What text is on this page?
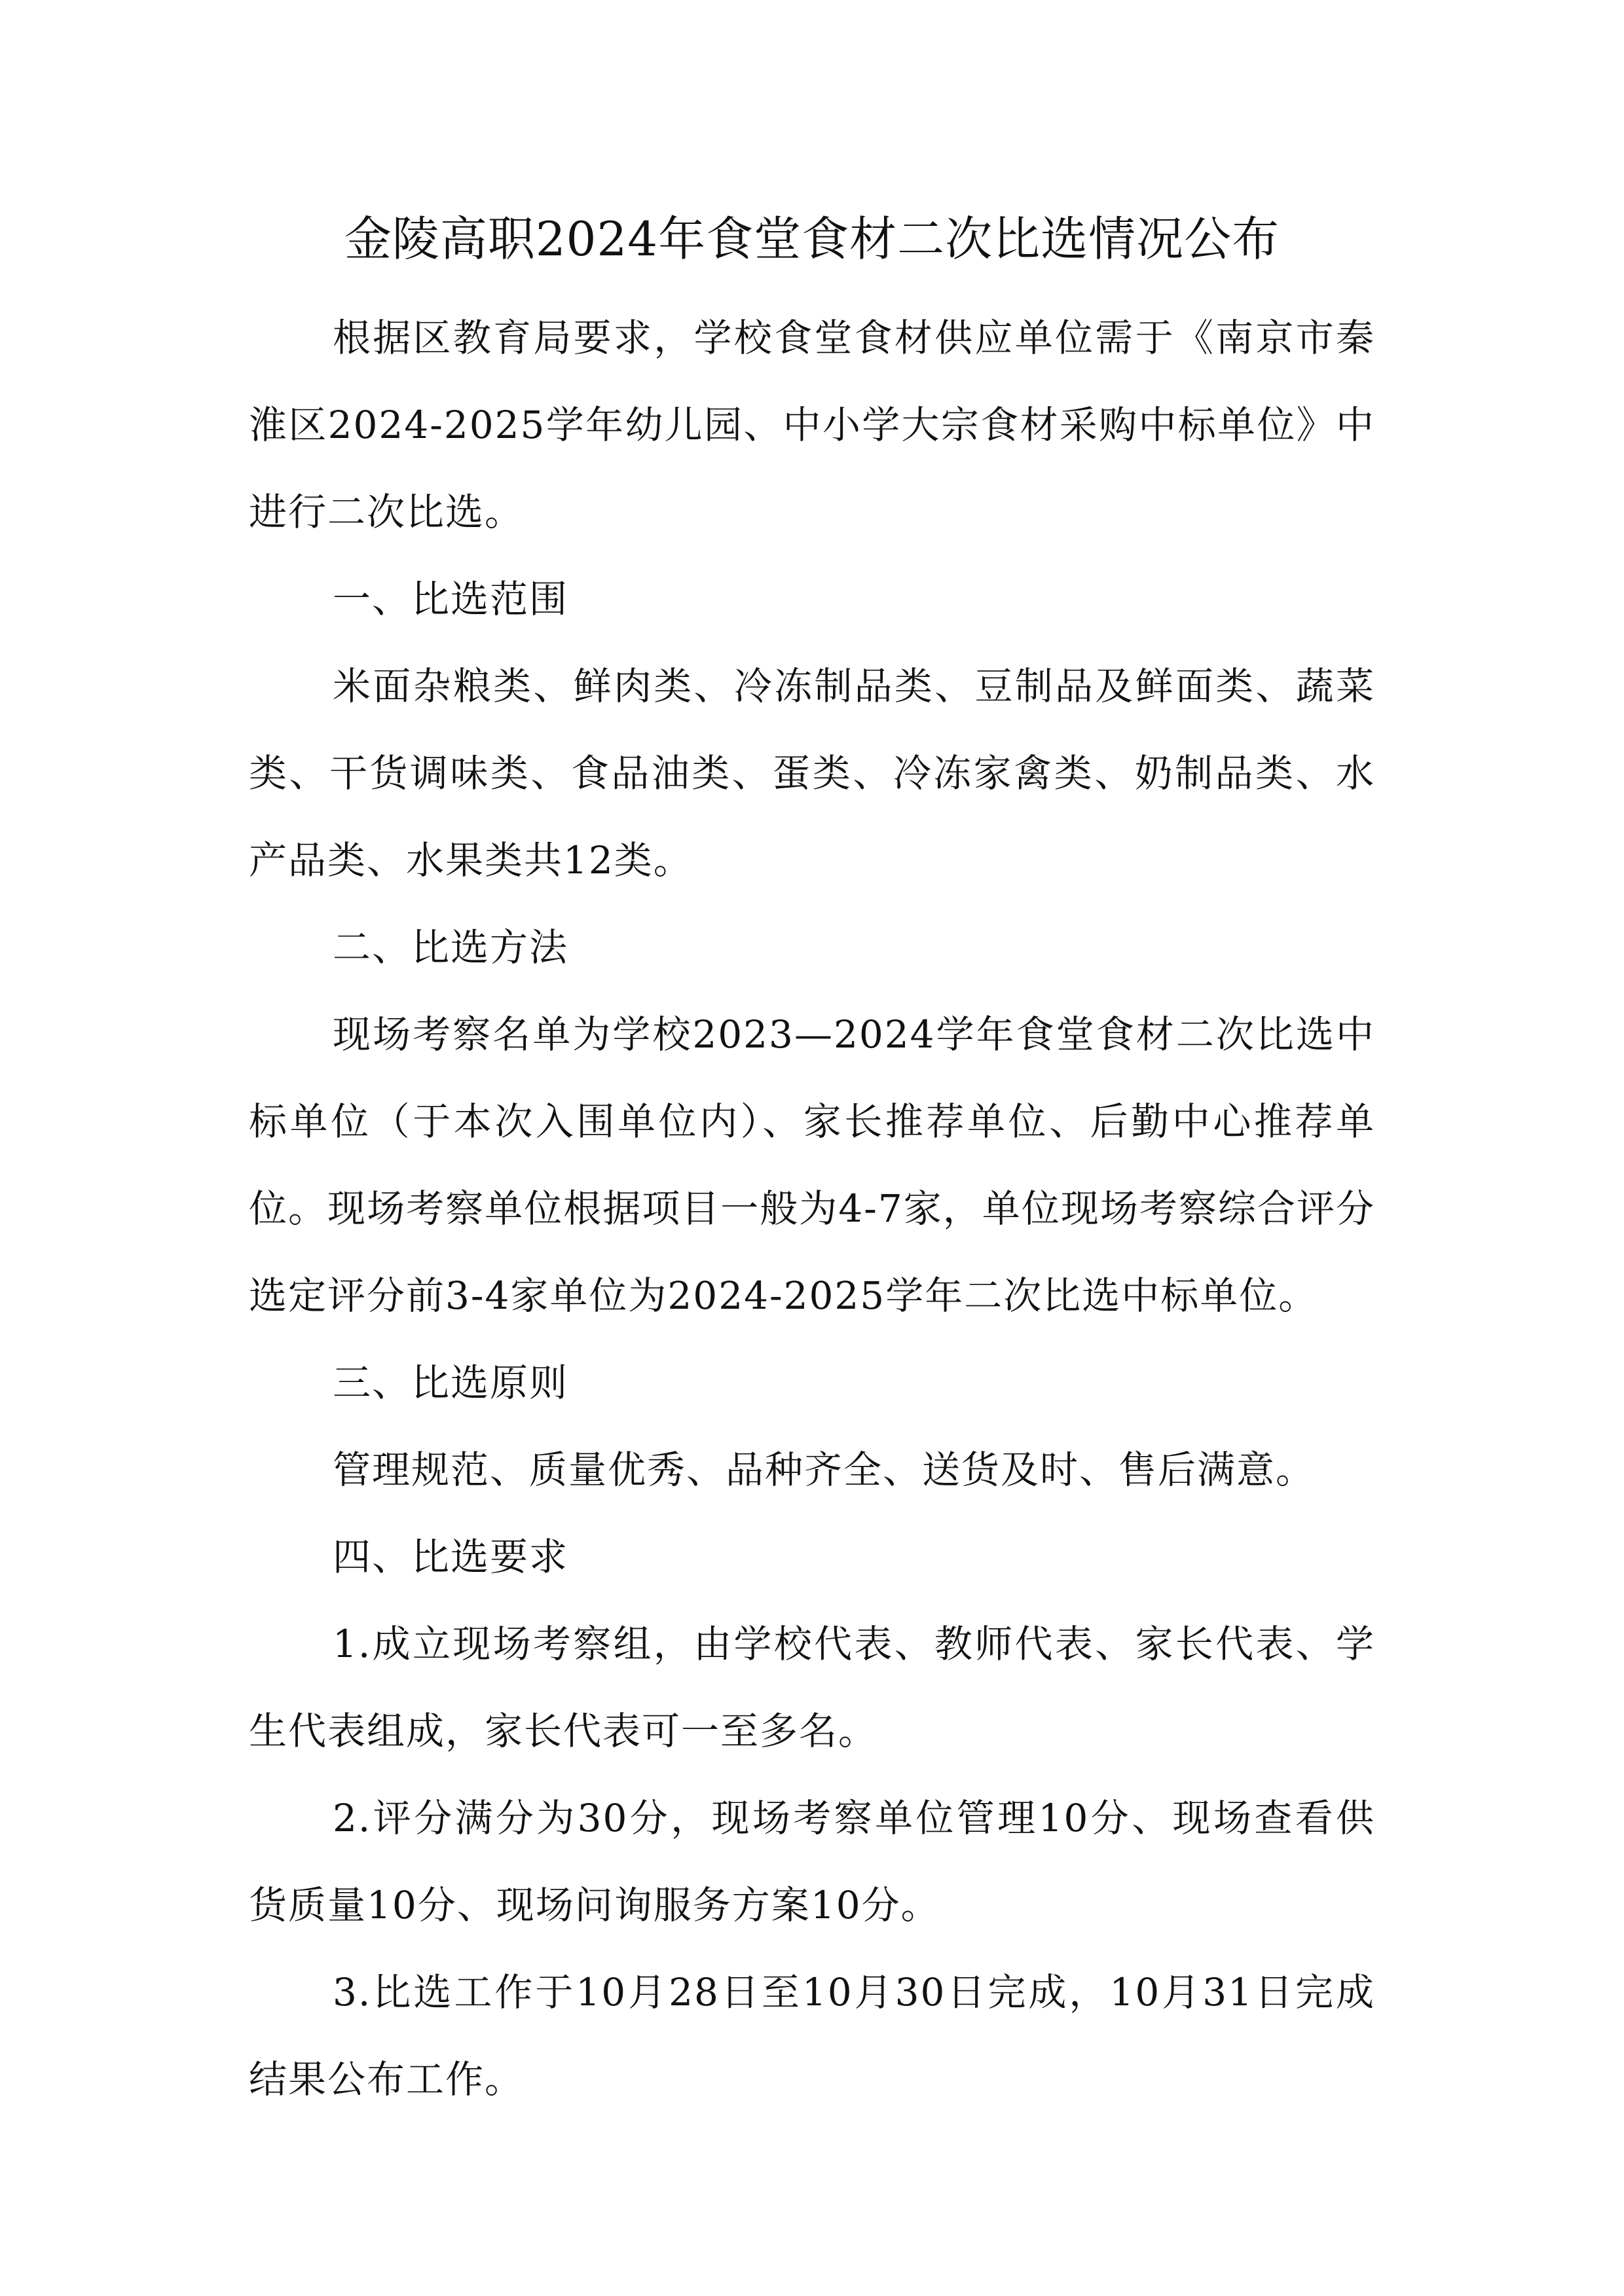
金陵高职2024年食堂食材二次比选情况公布

根据区教育局要求，学校食堂食材供应单位需于《南京市秦淮区2024-2025学年幼儿园、中小学大宗食材采购中标单位》中进行二次比选。

一、比选范围

米面杂粮类、鲜肉类、冷冻制品类、豆制品及鲜面类、蔬菜类、干货调味类、食品油类、蛋类、冷冻家禽类、奶制品类、水产品类、水果类共12类。

二、比选方法

现场考察名单为学校2023—2024学年食堂食材二次比选中标单位（于本次入围单位内）、家长推荐单位、后勤中心推荐单位。现场考察单位根据项目一般为4-7家，单位现场考察综合评分选定评分前3-4家单位为2024-2025学年二次比选中标单位。

三、比选原则

管理规范、质量优秀、品种齐全、送货及时、售后满意。

四、比选要求

1.成立现场考察组，由学校代表、教师代表、家长代表、学生代表组成，家长代表可一至多名。

2.评分满分为30分，现场考察单位管理10分、现场查看供货质量10分、现场问询服务方案10分。

3.比选工作于10月28日至10月30日完成，10月31日完成结果公布工作。
